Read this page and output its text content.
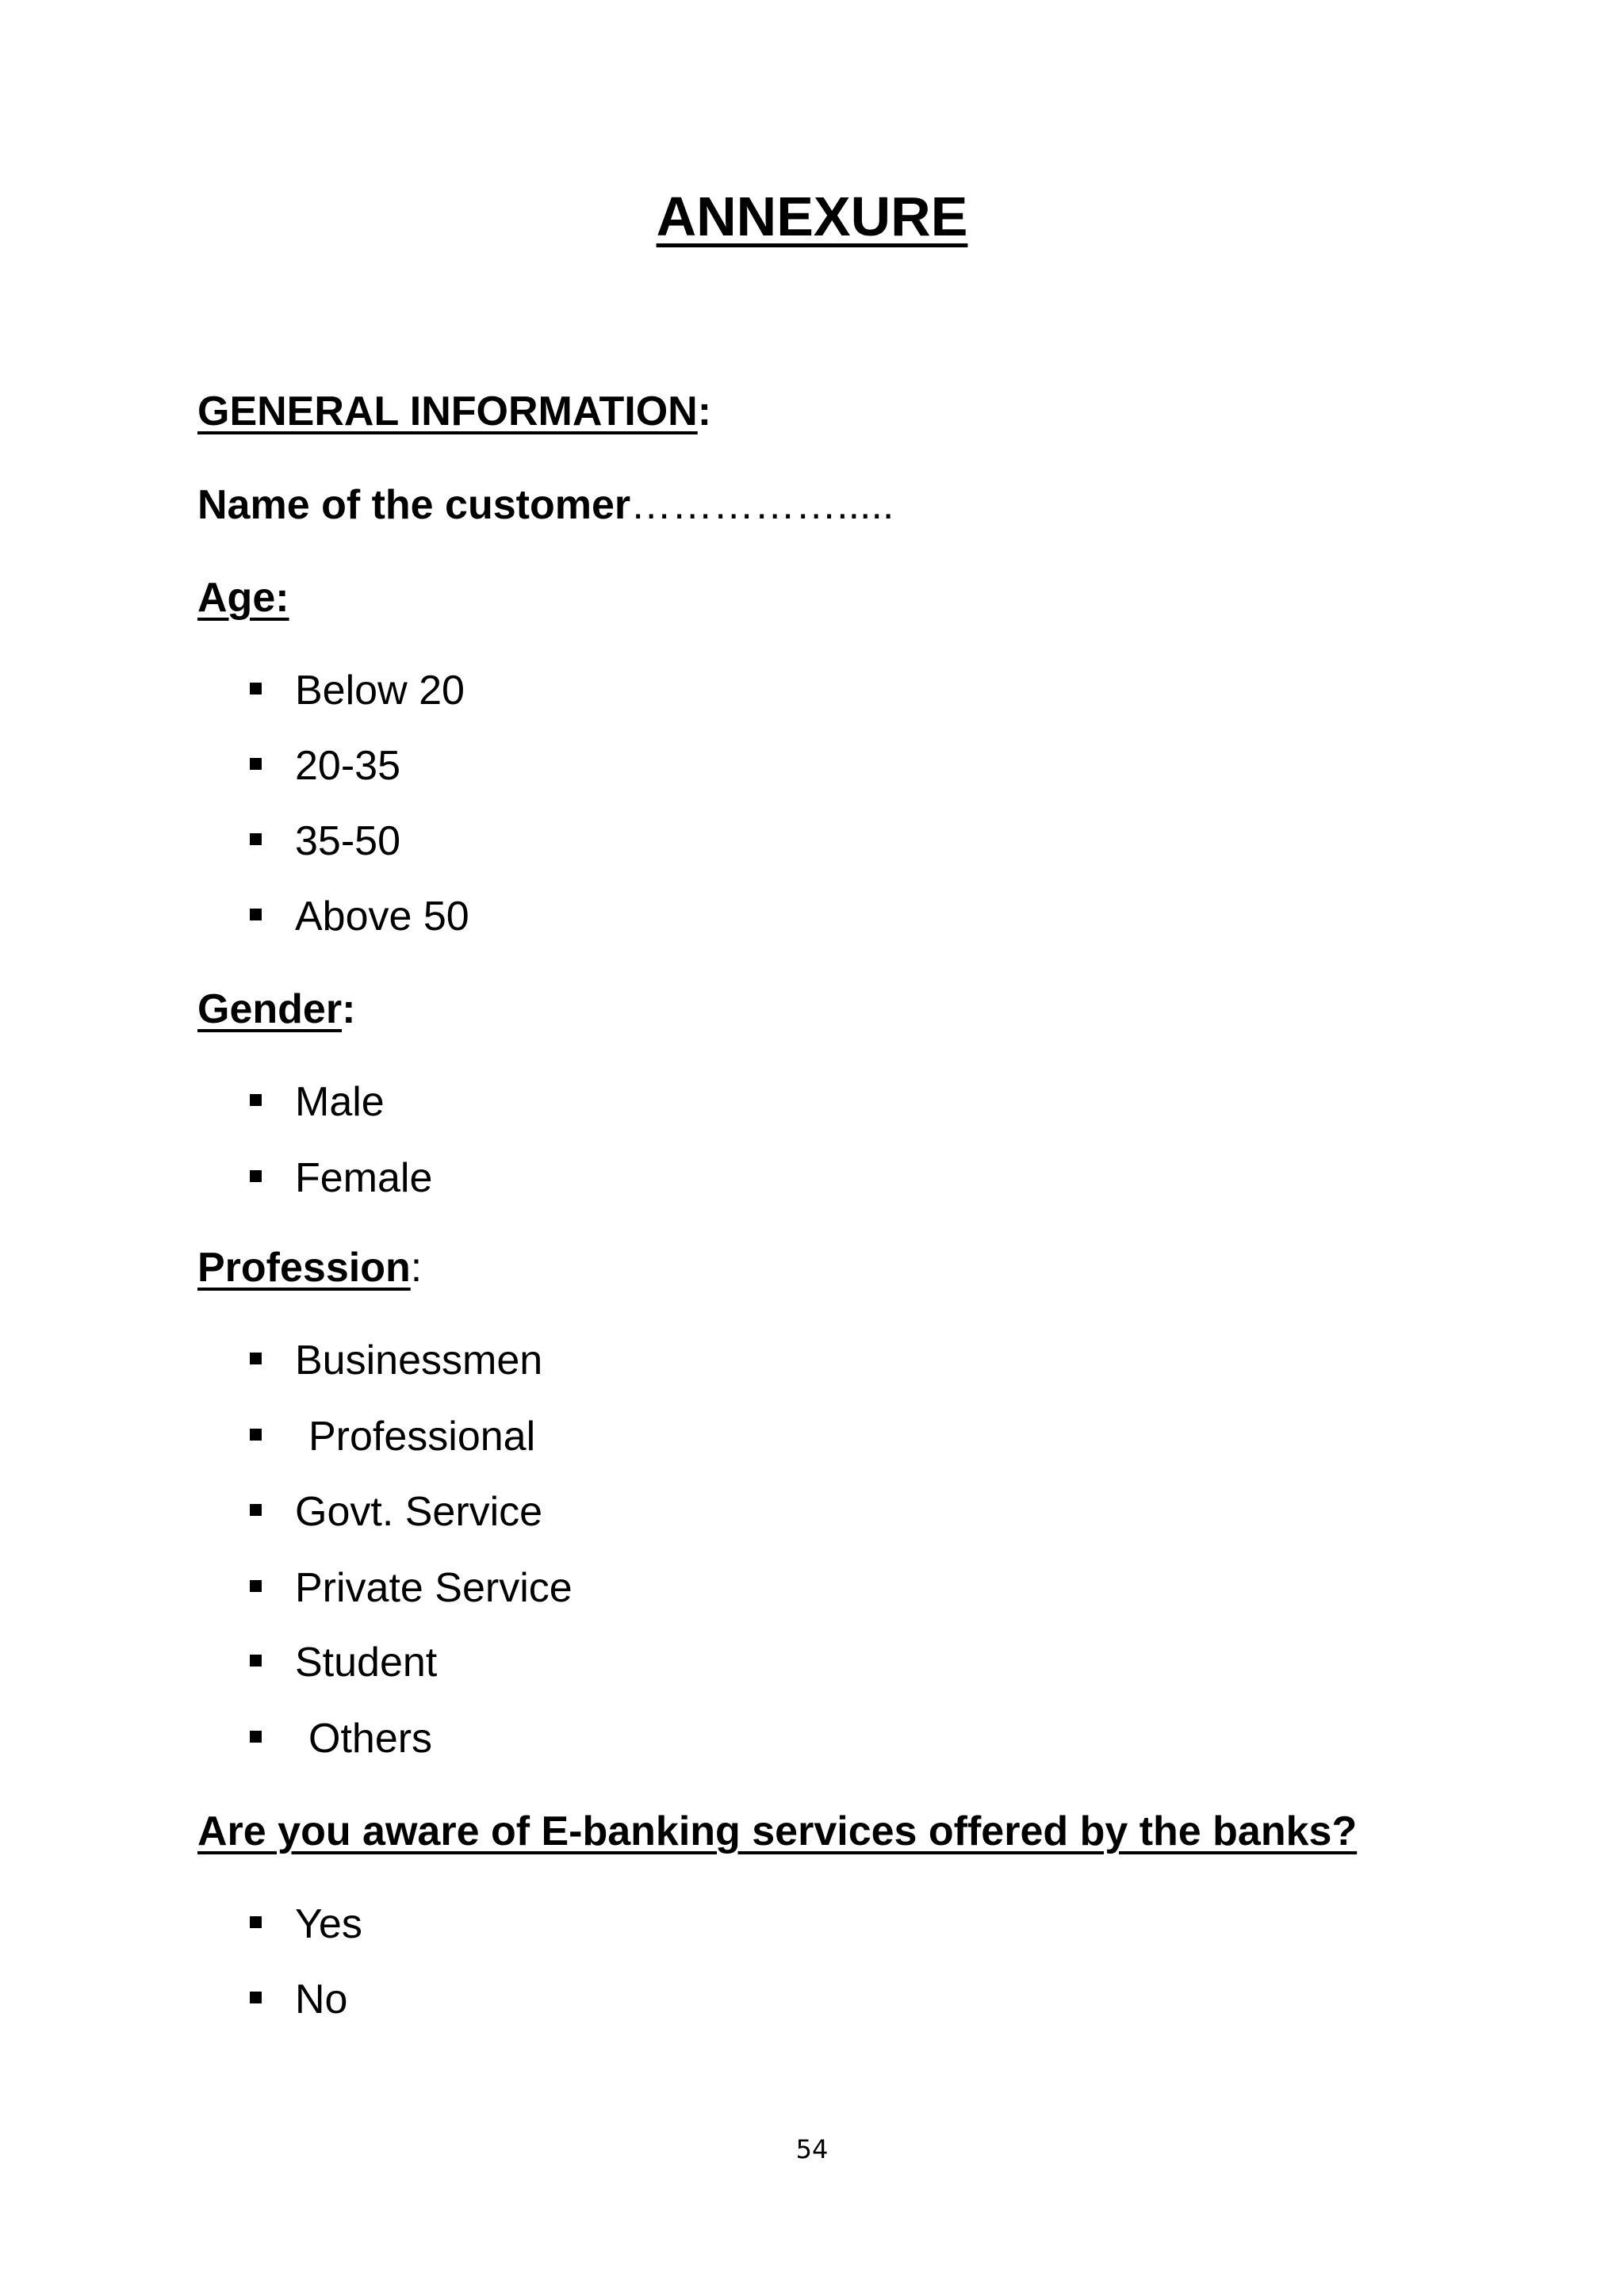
ANNEXURE
GENERAL INFORMATION:
Name of the customer…………….....
Age:
Below 20
20-35
35-50
Above 50
Gender:
Male
Female
Profession:
Businessmen
Professional
Govt. Service
Private Service
Student
Others
Are you aware of E-banking services offered by the banks?
Yes
No
54
